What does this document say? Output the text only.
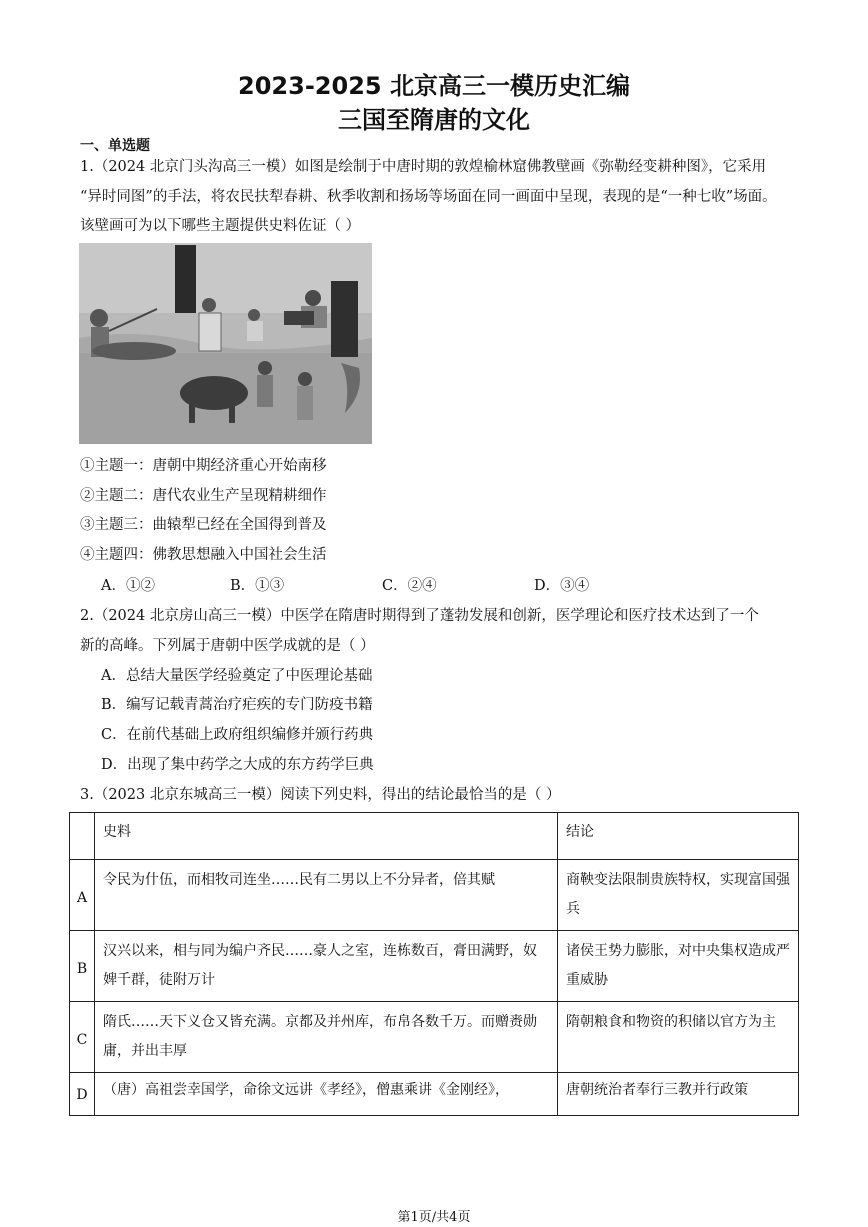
2023-2025 北京高三一模历史汇编
三国至隋唐的文化
一、单选题
1.（2024 北京门头沟高三一模）如图是绘制于中唐时期的敦煌榆林窟佛教壁画《弥勒经变耕种图》，它采用
“异时同图”的手法，将农民扶犁春耕、秋季收割和扬场等场面在同一画面中呈现，表现的是“一种七收”场面。
该壁画可为以下哪些主题提供史料佐证（ ）
①主题一：唐朝中期经济重心开始南移
②主题二：唐代农业生产呈现精耕细作
③主题三：曲辕犁已经在全国得到普及
④主题四：佛教思想融入中国社会生活
A．①②	B．①③	C．②④	D．③④
2.（2024 北京房山高三一模）中医学在隋唐时期得到了蓬勃发展和创新，医学理论和医疗技术达到了一个
新的高峰。下列属于唐朝中医学成就的是（ ）
A．总结大量医学经验奠定了中医理论基础
B．编写记载青蒿治疗疟疾的专门防疫书籍
C．在前代基础上政府组织编修并颁行药典
D．出现了集中药学之大成的东方药学巨典
3.（2023 北京东城高三一模）阅读下列史料，得出的结论最恰当的是（ ）
	史料	结论
A	令民为什伍，而相牧司连坐……民有二男以上不分异者，倍其赋	商鞅变法限制贵族特权，实现富国强兵
B	汉兴以来，相与同为编户齐民……豪人之室，连栋数百，膏田满野，奴婢千群，徒附万计	诸侯王势力膨胀，对中央集权造成严重威胁
C	隋氏……天下义仓又皆充满。京都及并州库，布帛各数千万。而赠赉勋庸，并出丰厚	隋朝粮食和物资的积储以官方为主
D	（唐）高祖尝幸国学，命徐文远讲《孝经》，僧惠乘讲《金刚经》，	唐朝统治者奉行三教并行政策
第1页/共4页
